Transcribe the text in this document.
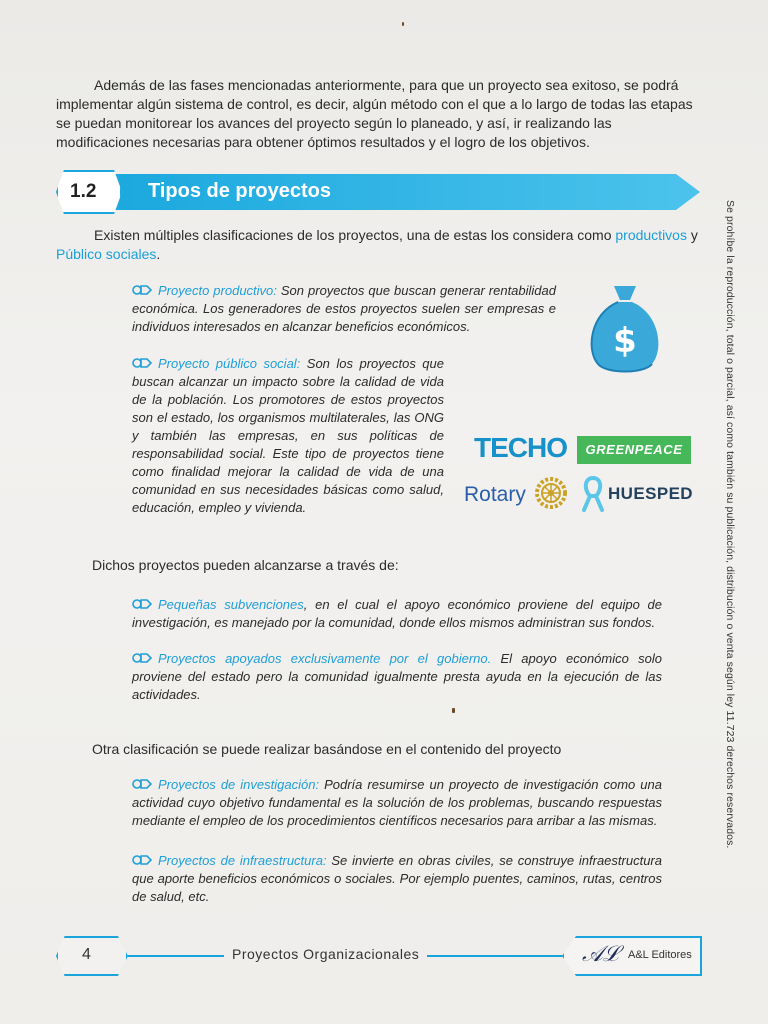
Además de las fases mencionadas anteriormente, para que un proyecto sea exitoso, se podrá implementar algún sistema de control, es decir, algún método con el que a lo largo de todas las etapas se puedan monitorear los avances del proyecto según lo planeado, y así, ir realizando las modificaciones necesarias para obtener óptimos resultados y el logro de los objetivos.

Tipos de proyectos
1.2

Existen múltiples clasificaciones de los proyectos, una de estas los considera como productivos y Público sociales.

Proyecto productivo: Son proyectos que buscan generar rentabilidad económica. Los generadores de estos proyectos suelen ser empresas e individuos interesados en alcanzar beneficios económicos.	$

Proyecto público social: Son los proyectos que buscan alcanzar un impacto sobre la calidad de vida de la población. Los promotores de estos proyectos son el estado, los organismos multilaterales, las ONG y también las empresas, en sus políticas de responsabilidad social. Este tipo de proyectos tiene como finalidad mejorar la calidad de vida de una comunidad en sus necesidades básicas como salud, educación, empleo y vivienda.

TECHO	GREENPEACE
Rotary	HUESPED

Dichos proyectos pueden alcanzarse a través de:

Pequeñas subvenciones, en el cual el apoyo económico proviene del equipo de investigación, es manejado por la comunidad, donde ellos mismos administran sus fondos.

Proyectos apoyados exclusivamente por el gobierno. El apoyo económico solo proviene del estado pero la comunidad igualmente presta ayuda en la ejecución de las actividades.

Otra clasificación se puede realizar basándose en el contenido del proyecto

Proyectos de investigación: Podría resumirse un proyecto de investigación como una actividad cuyo objetivo fundamental es la solución de los problemas, buscando respuestas mediante el empleo de los procedimientos científicos necesarios para arribar a las mismas.

Proyectos de infraestructura: Se invierte en obras civiles, se construye infraestructura que aporte beneficios económicos o sociales. Por ejemplo puentes, caminos, rutas, centros de salud, etc.

Se prohíbe la reproducción, total o parcial, así como también su publicación, distribución o venta según ley 11.723 derechos reservados.
4	Proyectos Organizacionales	𝒜ℒ A&L Editores
